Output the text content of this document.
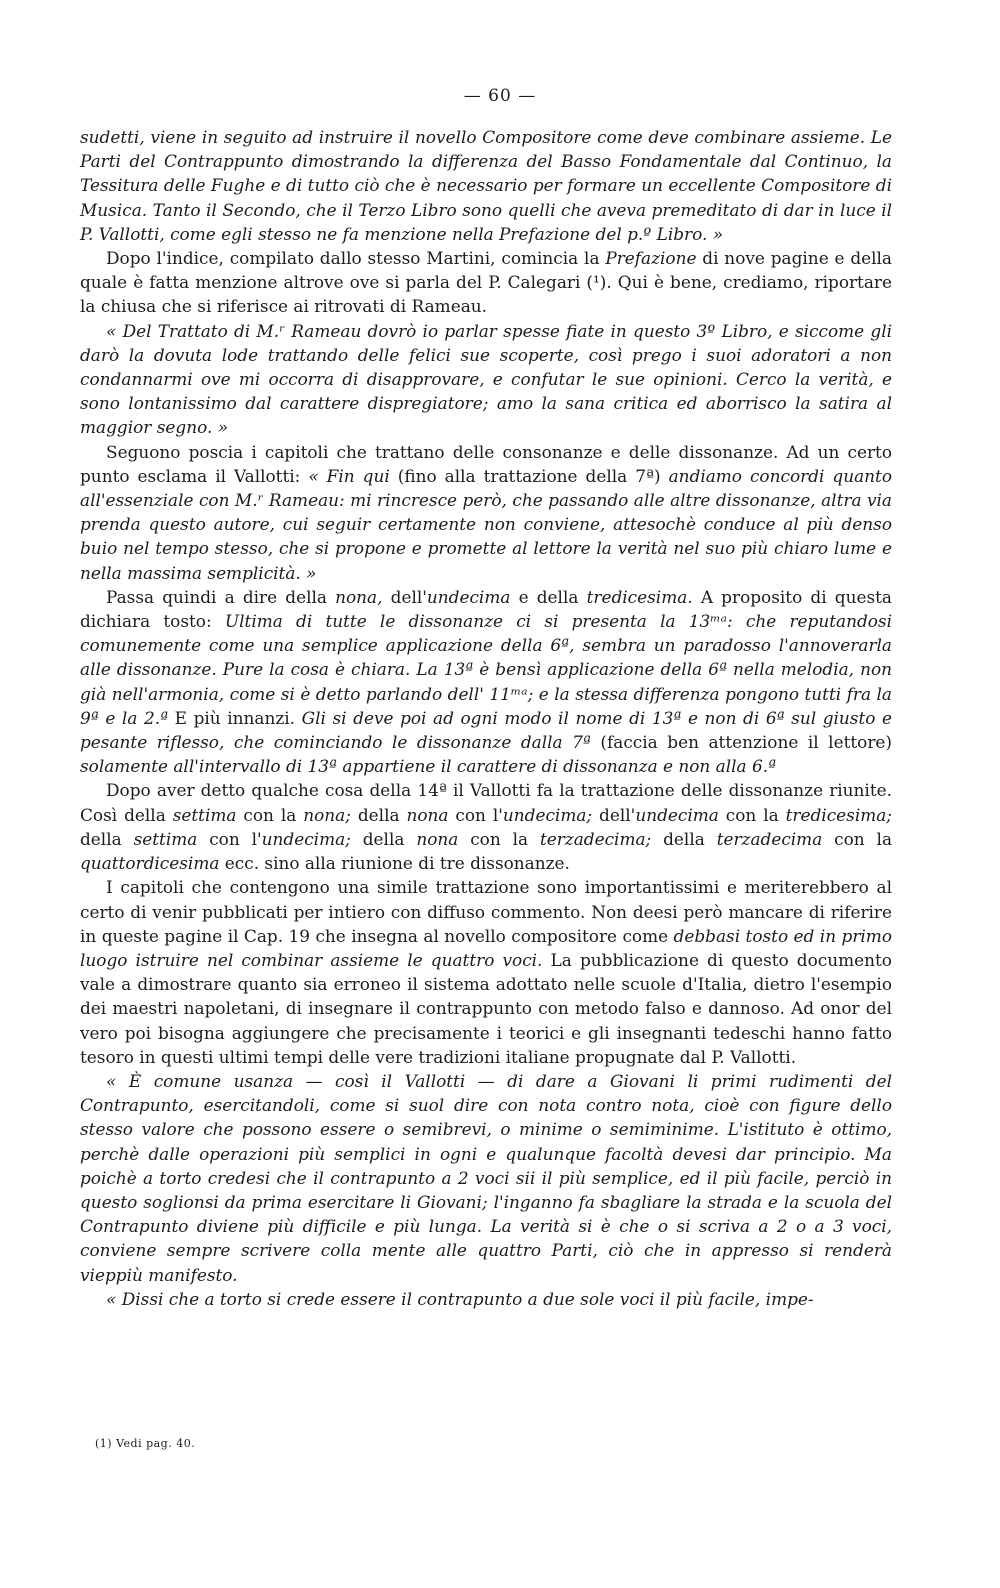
— 60 —

sudetti, viene in seguito ad instruire il novello Compositore come deve combinare assieme. Le Parti del Contrappunto dimostrando la differenza del Basso Fondamentale dal Continuo, la Tessitura delle Fughe e di tutto ciò che è necessario per formare un eccellente Compositore di Musica. Tanto il Secondo, che il Terzo Libro sono quelli che aveva premeditato di dar in luce il P. Vallotti, come egli stesso ne fa menzione nella Prefazione del p.º Libro. »

Dopo l'indice, compilato dallo stesso Martini, comincia la Prefazione di nove pagine e della quale è fatta menzione altrove ove si parla del P. Calegari (¹). Qui è bene, crediamo, riportare la chiusa che si riferisce ai ritrovati di Rameau.

« Del Trattato di M.ʳ Rameau dovrò io parlar spesse fiate in questo 3º Libro, e siccome gli darò la dovuta lode trattando delle felici sue scoperte, così prego i suoi adoratori a non condannarmi ove mi occorra di disapprovare, e confutar le sue opinioni. Cerco la verità, e sono lontanissimo dal carattere dispregiatore; amo la sana critica ed aborrisco la satira al maggior segno. »

Seguono poscia i capitoli che trattano delle consonanze e delle dissonanze. Ad un certo punto esclama il Vallotti: « Fin qui (fino alla trattazione della 7ª) andiamo concordi quanto all'essenziale con M.ʳ Rameau: mi rincresce però, che passando alle altre dissonanze, altra via prenda questo autore, cui seguir certamente non conviene, attesochè conduce al più denso buio nel tempo stesso, che si propone e promette al lettore la verità nel suo più chiaro lume e nella massima semplicità. »

Passa quindi a dire della nona, dell'undecima e della tredicesima. A proposito di questa dichiara tosto: Ultima di tutte le dissonanze ci si presenta la 13ᵐᵃ: che reputandosi comunemente come una semplice applicazione della 6ª, sembra un paradosso l'annoverarla alle dissonanze. Pure la cosa è chiara. La 13ª è bensì applicazione della 6ª nella melodia, non già nell'armonia, come si è detto parlando dell' 11ᵐᵃ; e la stessa differenza pongono tutti fra la 9ª e la 2.ª E più innanzi. Gli si deve poi ad ogni modo il nome di 13ª e non di 6ª sul giusto e pesante riflesso, che cominciando le dissonanze dalla 7ª (faccia ben attenzione il lettore) solamente all'intervallo di 13ª appartiene il carattere di dissonanza e non alla 6.ª

Dopo aver detto qualche cosa della 14ª il Vallotti fa la trattazione delle dissonanze riunite. Così della settima con la nona; della nona con l'undecima; dell'undecima con la tredicesima; della settima con l'undecima; della nona con la terzadecima; della terzadecima con la quattordicesima ecc. sino alla riunione di tre dissonanze.

I capitoli che contengono una simile trattazione sono importantissimi e meriterebbero al certo di venir pubblicati per intiero con diffuso commento. Non deesi però mancare di riferire in queste pagine il Cap. 19 che insegna al novello compositore come debbasi tosto ed in primo luogo istruire nel combinar assieme le quattro voci. La pubblicazione di questo documento vale a dimostrare quanto sia erroneo il sistema adottato nelle scuole d'Italia, dietro l'esempio dei maestri napoletani, di insegnare il contrappunto con metodo falso e dannoso. Ad onor del vero poi bisogna aggiungere che precisamente i teorici e gli insegnanti tedeschi hanno fatto tesoro in questi ultimi tempi delle vere tradizioni italiane propugnate dal P. Vallotti.

« È comune usanza — così il Vallotti — di dare a Giovani li primi rudimenti del Contrapunto, esercitandoli, come si suol dire con nota contro nota, cioè con figure dello stesso valore che possono essere o semibrevi, o minime o semiminime. L'istituto è ottimo, perchè dalle operazioni più semplici in ogni e qualunque facoltà devesi dar principio. Ma poichè a torto credesi che il contrapunto a 2 voci sii il più semplice, ed il più facile, perciò in questo soglionsi da prima esercitare li Giovani; l'inganno fa sbagliare la strada e la scuola del Contrapunto diviene più difficile e più lunga. La verità si è che o si scriva a 2 o a 3 voci, conviene sempre scrivere colla mente alle quattro Parti, ciò che in appresso si renderà vieppiù manifesto.

« Dissi che a torto si crede essere il contrapunto a due sole voci il più facile, impe-

(1) Vedi pag. 40.
